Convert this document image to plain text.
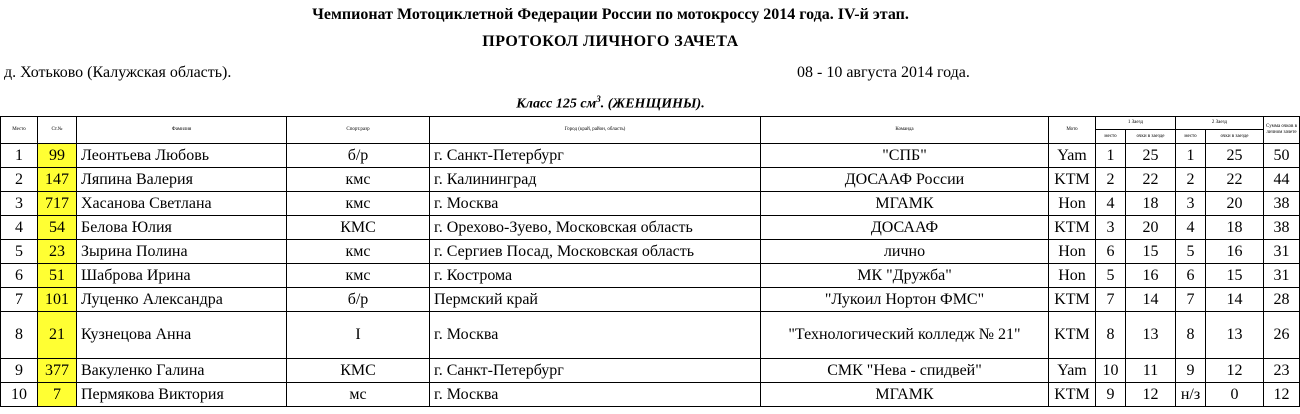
Чемпионат Мотоциклетной Федерации России по мотокроссу 2014 года. IV-й этап.
ПРОТОКОЛ ЛИЧНОГО ЗАЧЕТА
д. Хотьково (Калужская область).	08 - 10 августа 2014 года.
Класс 125 $см^3$. (ЖЕНЩИНЫ).
Место	Ст.№	Фамилия	Спорт.разр	Город (край, район, область)	Команда	Мото	1 Заезд		2 Заезд		Сумма очков в личном зачете
							место	очки в заезде	место	очки в заезде	
1	99	Леонтьева Любовь	б/р	г. Санкт-Петербург	"СПБ"	Yam	1	25	1	25	50
2	147	Ляпина Валерия	кмс	г. Калининград	ДОСААФ России	KTM	2	22	2	22	44
3	717	Хасанова Светлана	кмс	г. Москва	МГАМК	Hon	4	18	3	20	38
4	54	Белова Юлия	КМС	г. Орехово-Зуево, Московская область	ДОСААФ	KTM	3	20	4	18	38
5	23	Зырина Полина	кмс	г. Сергиев Посад, Московская область	лично	Hon	6	15	5	16	31
6	51	Шаброва Ирина	кмс	г. Кострома	МК "Дружба"	Hon	5	16	6	15	31
7	101	Луценко Александра	б/р	Пермский край	"Лукоил Нортон ФМС"	KTM	7	14	7	14	28
8	21	Кузнецова Анна	I	г. Москва	"Технологический колледж № 21"	KTM	8	13	8	13	26
9	377	Вакуленко Галина	КМС	г. Санкт-Петербург	СМК "Нева - спидвей"	Yam	10	11	9	12	23
10	7	Пермякова Виктория	мс	г. Москва	МГАМК	KTM	9	12	н/з	0	12
